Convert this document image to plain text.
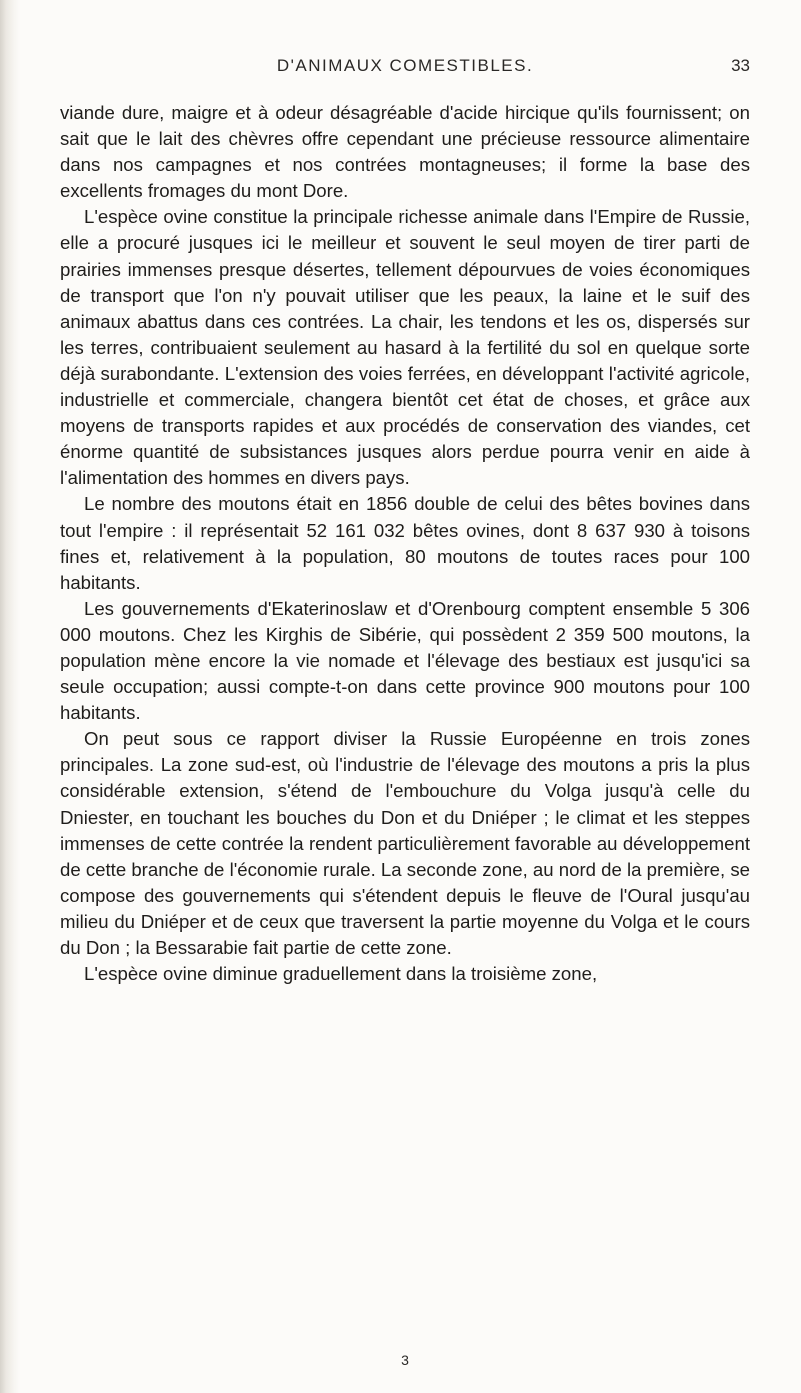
D'ANIMAUX COMESTIBLES.	33

viande dure, maigre et à odeur désagréable d'acide hircique qu'ils fournissent; on sait que le lait des chèvres offre cependant une précieuse ressource alimentaire dans nos campagnes et nos contrées montagneuses; il forme la base des excellents fromages du mont Dore.

L'espèce ovine constitue la principale richesse animale dans l'Empire de Russie, elle a procuré jusques ici le meilleur et souvent le seul moyen de tirer parti de prairies immenses presque désertes, tellement dépourvues de voies économiques de transport que l'on n'y pouvait utiliser que les peaux, la laine et le suif des animaux abattus dans ces contrées. La chair, les tendons et les os, dispersés sur les terres, contribuaient seulement au hasard à la fertilité du sol en quelque sorte déjà surabondante. L'extension des voies ferrées, en développant l'activité agricole, industrielle et commerciale, changera bientôt cet état de choses, et grâce aux moyens de transports rapides et aux procédés de conservation des viandes, cet énorme quantité de subsistances jusques alors perdue pourra venir en aide à l'alimentation des hommes en divers pays.

Le nombre des moutons était en 1856 double de celui des bêtes bovines dans tout l'empire : il représentait 52 161 032 bêtes ovines, dont 8 637 930 à toisons fines et, relativement à la population, 80 moutons de toutes races pour 100 habitants.

Les gouvernements d'Ekaterinoslaw et d'Orenbourg comptent ensemble 5 306 000 moutons. Chez les Kirghis de Sibérie, qui possèdent 2 359 500 moutons, la population mène encore la vie nomade et l'élevage des bestiaux est jusqu'ici sa seule occupation; aussi compte-t-on dans cette province 900 moutons pour 100 habitants.

On peut sous ce rapport diviser la Russie Européenne en trois zones principales. La zone sud-est, où l'industrie de l'élevage des moutons a pris la plus considérable extension, s'étend de l'embouchure du Volga jusqu'à celle du Dniester, en touchant les bouches du Don et du Dniéper ; le climat et les steppes immenses de cette contrée la rendent particulièrement favorable au développement de cette branche de l'économie rurale. La seconde zone, au nord de la première, se compose des gouvernements qui s'étendent depuis le fleuve de l'Oural jusqu'au milieu du Dniéper et de ceux que traversent la partie moyenne du Volga et le cours du Don ; la Bessarabie fait partie de cette zone.

L'espèce ovine diminue graduellement dans la troisième zone,

3
